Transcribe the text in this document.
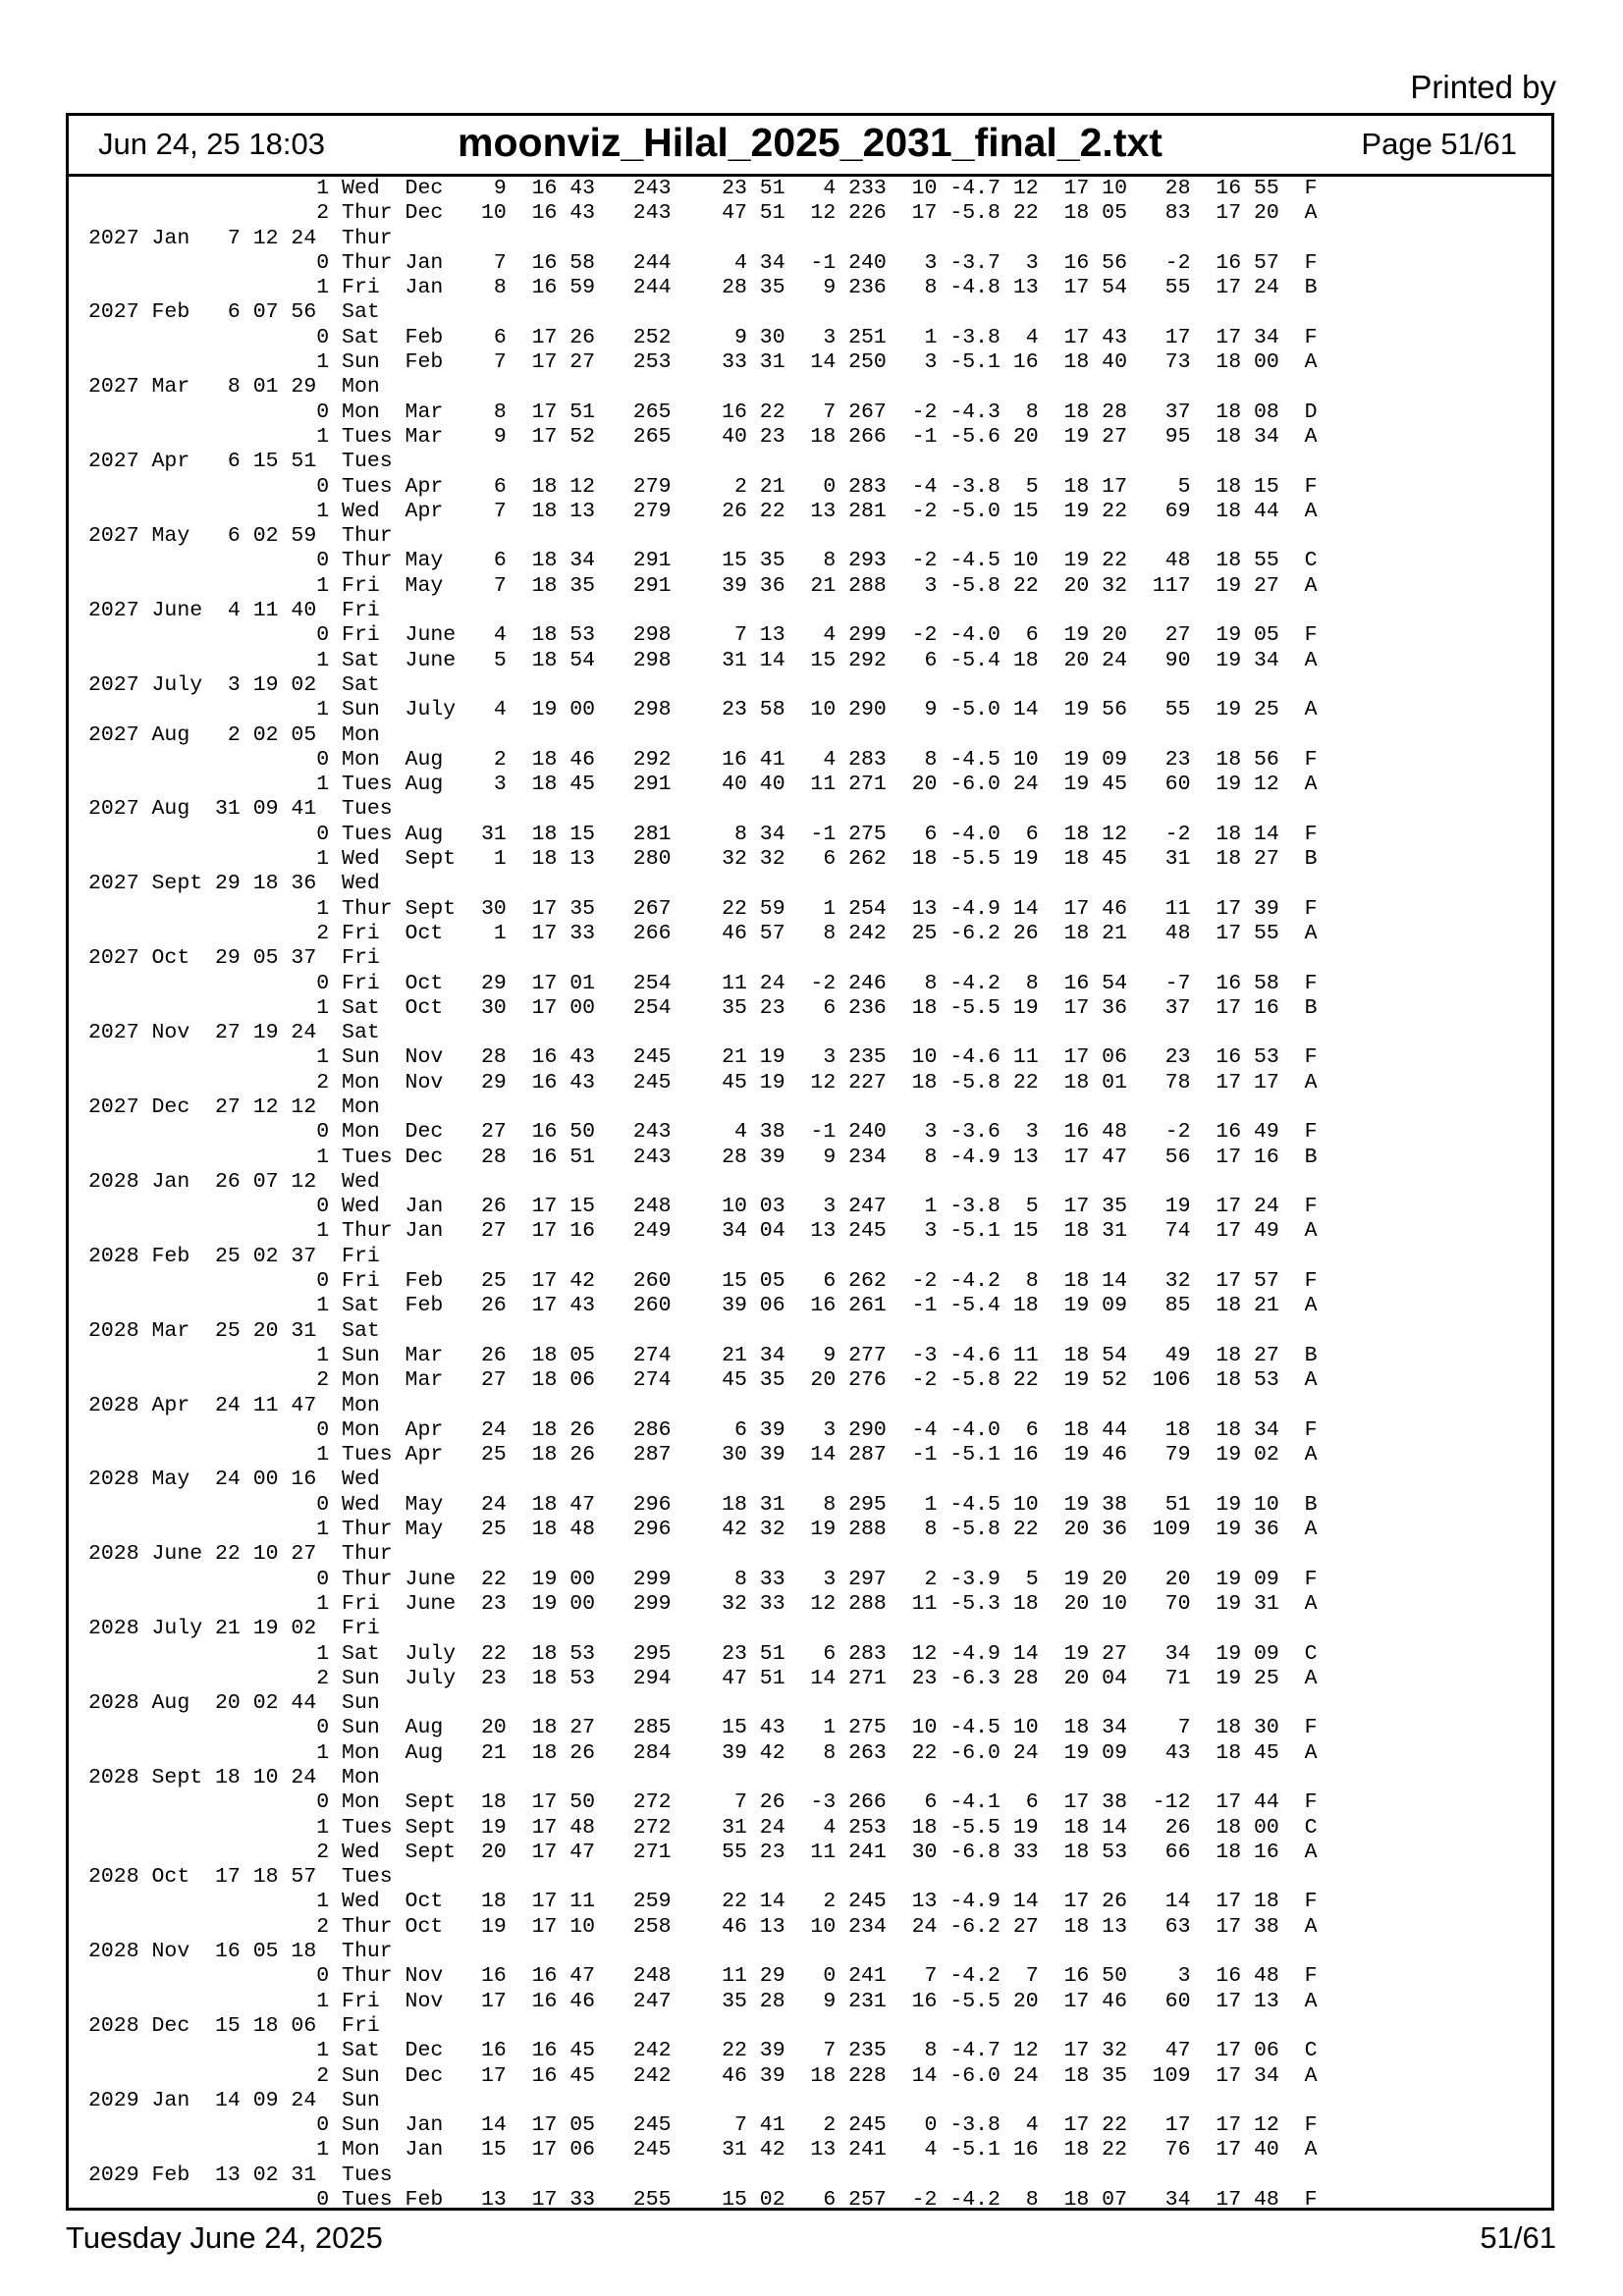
Printed by
Jun 24, 25 18:03	moonviz_Hilal_2025_2031_final_2.txt	Page 51/61
1 Wed  Dec    9  16 43   243    23 51   4 233  10 -4.7 12  17 10   28  16 55  F
2 Thur Dec   10  16 43   243    47 51  12 226  17 -5.8 22  18 05   83  17 20  A
2027 Jan   7 12 24  Thur
0 Thur Jan    7  16 58   244     4 34  -1 240   3 -3.7  3  16 56   -2  16 57  F
1 Fri  Jan    8  16 59   244    28 35   9 236   8 -4.8 13  17 54   55  17 24  B
2027 Feb   6 07 56  Sat
0 Sat  Feb    6  17 26   252     9 30   3 251   1 -3.8  4  17 43   17  17 34  F
1 Sun  Feb    7  17 27   253    33 31  14 250   3 -5.1 16  18 40   73  18 00  A
2027 Mar   8 01 29  Mon
0 Mon  Mar    8  17 51   265    16 22   7 267  -2 -4.3  8  18 28   37  18 08  D
1 Tues Mar    9  17 52   265    40 23  18 266  -1 -5.6 20  19 27   95  18 34  A
2027 Apr   6 15 51  Tues
0 Tues Apr    6  18 12   279     2 21   0 283  -4 -3.8  5  18 17    5  18 15  F
1 Wed  Apr    7  18 13   279    26 22  13 281  -2 -5.0 15  19 22   69  18 44  A
2027 May   6 02 59  Thur
0 Thur May    6  18 34   291    15 35   8 293  -2 -4.5 10  19 22   48  18 55  C
1 Fri  May    7  18 35   291    39 36  21 288   3 -5.8 22  20 32  117  19 27  A
2027 June  4 11 40  Fri
0 Fri  June   4  18 53   298     7 13   4 299  -2 -4.0  6  19 20   27  19 05  F
1 Sat  June   5  18 54   298    31 14  15 292   6 -5.4 18  20 24   90  19 34  A
2027 July  3 19 02  Sat
1 Sun  July   4  19 00   298    23 58  10 290   9 -5.0 14  19 56   55  19 25  A
2027 Aug   2 02 05  Mon
0 Mon  Aug    2  18 46   292    16 41   4 283   8 -4.5 10  19 09   23  18 56  F
1 Tues Aug    3  18 45   291    40 40  11 271  20 -6.0 24  19 45   60  19 12  A
2027 Aug  31 09 41  Tues
0 Tues Aug   31  18 15   281     8 34  -1 275   6 -4.0  6  18 12   -2  18 14  F
1 Wed  Sept   1  18 13   280    32 32   6 262  18 -5.5 19  18 45   31  18 27  B
2027 Sept 29 18 36  Wed
1 Thur Sept  30  17 35   267    22 59   1 254  13 -4.9 14  17 46   11  17 39  F
2 Fri  Oct    1  17 33   266    46 57   8 242  25 -6.2 26  18 21   48  17 55  A
2027 Oct  29 05 37  Fri
0 Fri  Oct   29  17 01   254    11 24  -2 246   8 -4.2  8  16 54   -7  16 58  F
1 Sat  Oct   30  17 00   254    35 23   6 236  18 -5.5 19  17 36   37  17 16  B
2027 Nov  27 19 24  Sat
1 Sun  Nov   28  16 43   245    21 19   3 235  10 -4.6 11  17 06   23  16 53  F
2 Mon  Nov   29  16 43   245    45 19  12 227  18 -5.8 22  18 01   78  17 17  A
2027 Dec  27 12 12  Mon
0 Mon  Dec   27  16 50   243     4 38  -1 240   3 -3.6  3  16 48   -2  16 49  F
1 Tues Dec   28  16 51   243    28 39   9 234   8 -4.9 13  17 47   56  17 16  B
2028 Jan  26 07 12  Wed
0 Wed  Jan   26  17 15   248    10 03   3 247   1 -3.8  5  17 35   19  17 24  F
1 Thur Jan   27  17 16   249    34 04  13 245   3 -5.1 15  18 31   74  17 49  A
2028 Feb  25 02 37  Fri
0 Fri  Feb   25  17 42   260    15 05   6 262  -2 -4.2  8  18 14   32  17 57  F
1 Sat  Feb   26  17 43   260    39 06  16 261  -1 -5.4 18  19 09   85  18 21  A
2028 Mar  25 20 31  Sat
1 Sun  Mar   26  18 05   274    21 34   9 277  -3 -4.6 11  18 54   49  18 27  B
2 Mon  Mar   27  18 06   274    45 35  20 276  -2 -5.8 22  19 52  106  18 53  A
2028 Apr  24 11 47  Mon
0 Mon  Apr   24  18 26   286     6 39   3 290  -4 -4.0  6  18 44   18  18 34  F
1 Tues Apr   25  18 26   287    30 39  14 287  -1 -5.1 16  19 46   79  19 02  A
2028 May  24 00 16  Wed
0 Wed  May   24  18 47   296    18 31   8 295   1 -4.5 10  19 38   51  19 10  B
1 Thur May   25  18 48   296    42 32  19 288   8 -5.8 22  20 36  109  19 36  A
2028 June 22 10 27  Thur
0 Thur June  22  19 00   299     8 33   3 297   2 -3.9  5  19 20   20  19 09  F
1 Fri  June  23  19 00   299    32 33  12 288  11 -5.3 18  20 10   70  19 31  A
2028 July 21 19 02  Fri
1 Sat  July  22  18 53   295    23 51   6 283  12 -4.9 14  19 27   34  19 09  C
2 Sun  July  23  18 53   294    47 51  14 271  23 -6.3 28  20 04   71  19 25  A
2028 Aug  20 02 44  Sun
0 Sun  Aug   20  18 27   285    15 43   1 275  10 -4.5 10  18 34    7  18 30  F
1 Mon  Aug   21  18 26   284    39 42   8 263  22 -6.0 24  19 09   43  18 45  A
2028 Sept 18 10 24  Mon
0 Mon  Sept  18  17 50   272     7 26  -3 266   6 -4.1  6  17 38  -12  17 44  F
1 Tues Sept  19  17 48   272    31 24   4 253  18 -5.5 19  18 14   26  18 00  C
2 Wed  Sept  20  17 47   271    55 23  11 241  30 -6.8 33  18 53   66  18 16  A
2028 Oct  17 18 57  Tues
1 Wed  Oct   18  17 11   259    22 14   2 245  13 -4.9 14  17 26   14  17 18  F
2 Thur Oct   19  17 10   258    46 13  10 234  24 -6.2 27  18 13   63  17 38  A
2028 Nov  16 05 18  Thur
0 Thur Nov   16  16 47   248    11 29   0 241   7 -4.2  7  16 50    3  16 48  F
1 Fri  Nov   17  16 46   247    35 28   9 231  16 -5.5 20  17 46   60  17 13  A
2028 Dec  15 18 06  Fri
1 Sat  Dec   16  16 45   242    22 39   7 235   8 -4.7 12  17 32   47  17 06  C
2 Sun  Dec   17  16 45   242    46 39  18 228  14 -6.0 24  18 35  109  17 34  A
2029 Jan  14 09 24  Sun
0 Sun  Jan   14  17 05   245     7 41   2 245   0 -3.8  4  17 22   17  17 12  F
1 Mon  Jan   15  17 06   245    31 42  13 241   4 -5.1 16  18 22   76  17 40  A
2029 Feb  13 02 31  Tues
0 Tues Feb   13  17 33   255    15 02   6 257  -2 -4.2  8  18 07   34  17 48  F
Tuesday June 24, 2025	51/61
